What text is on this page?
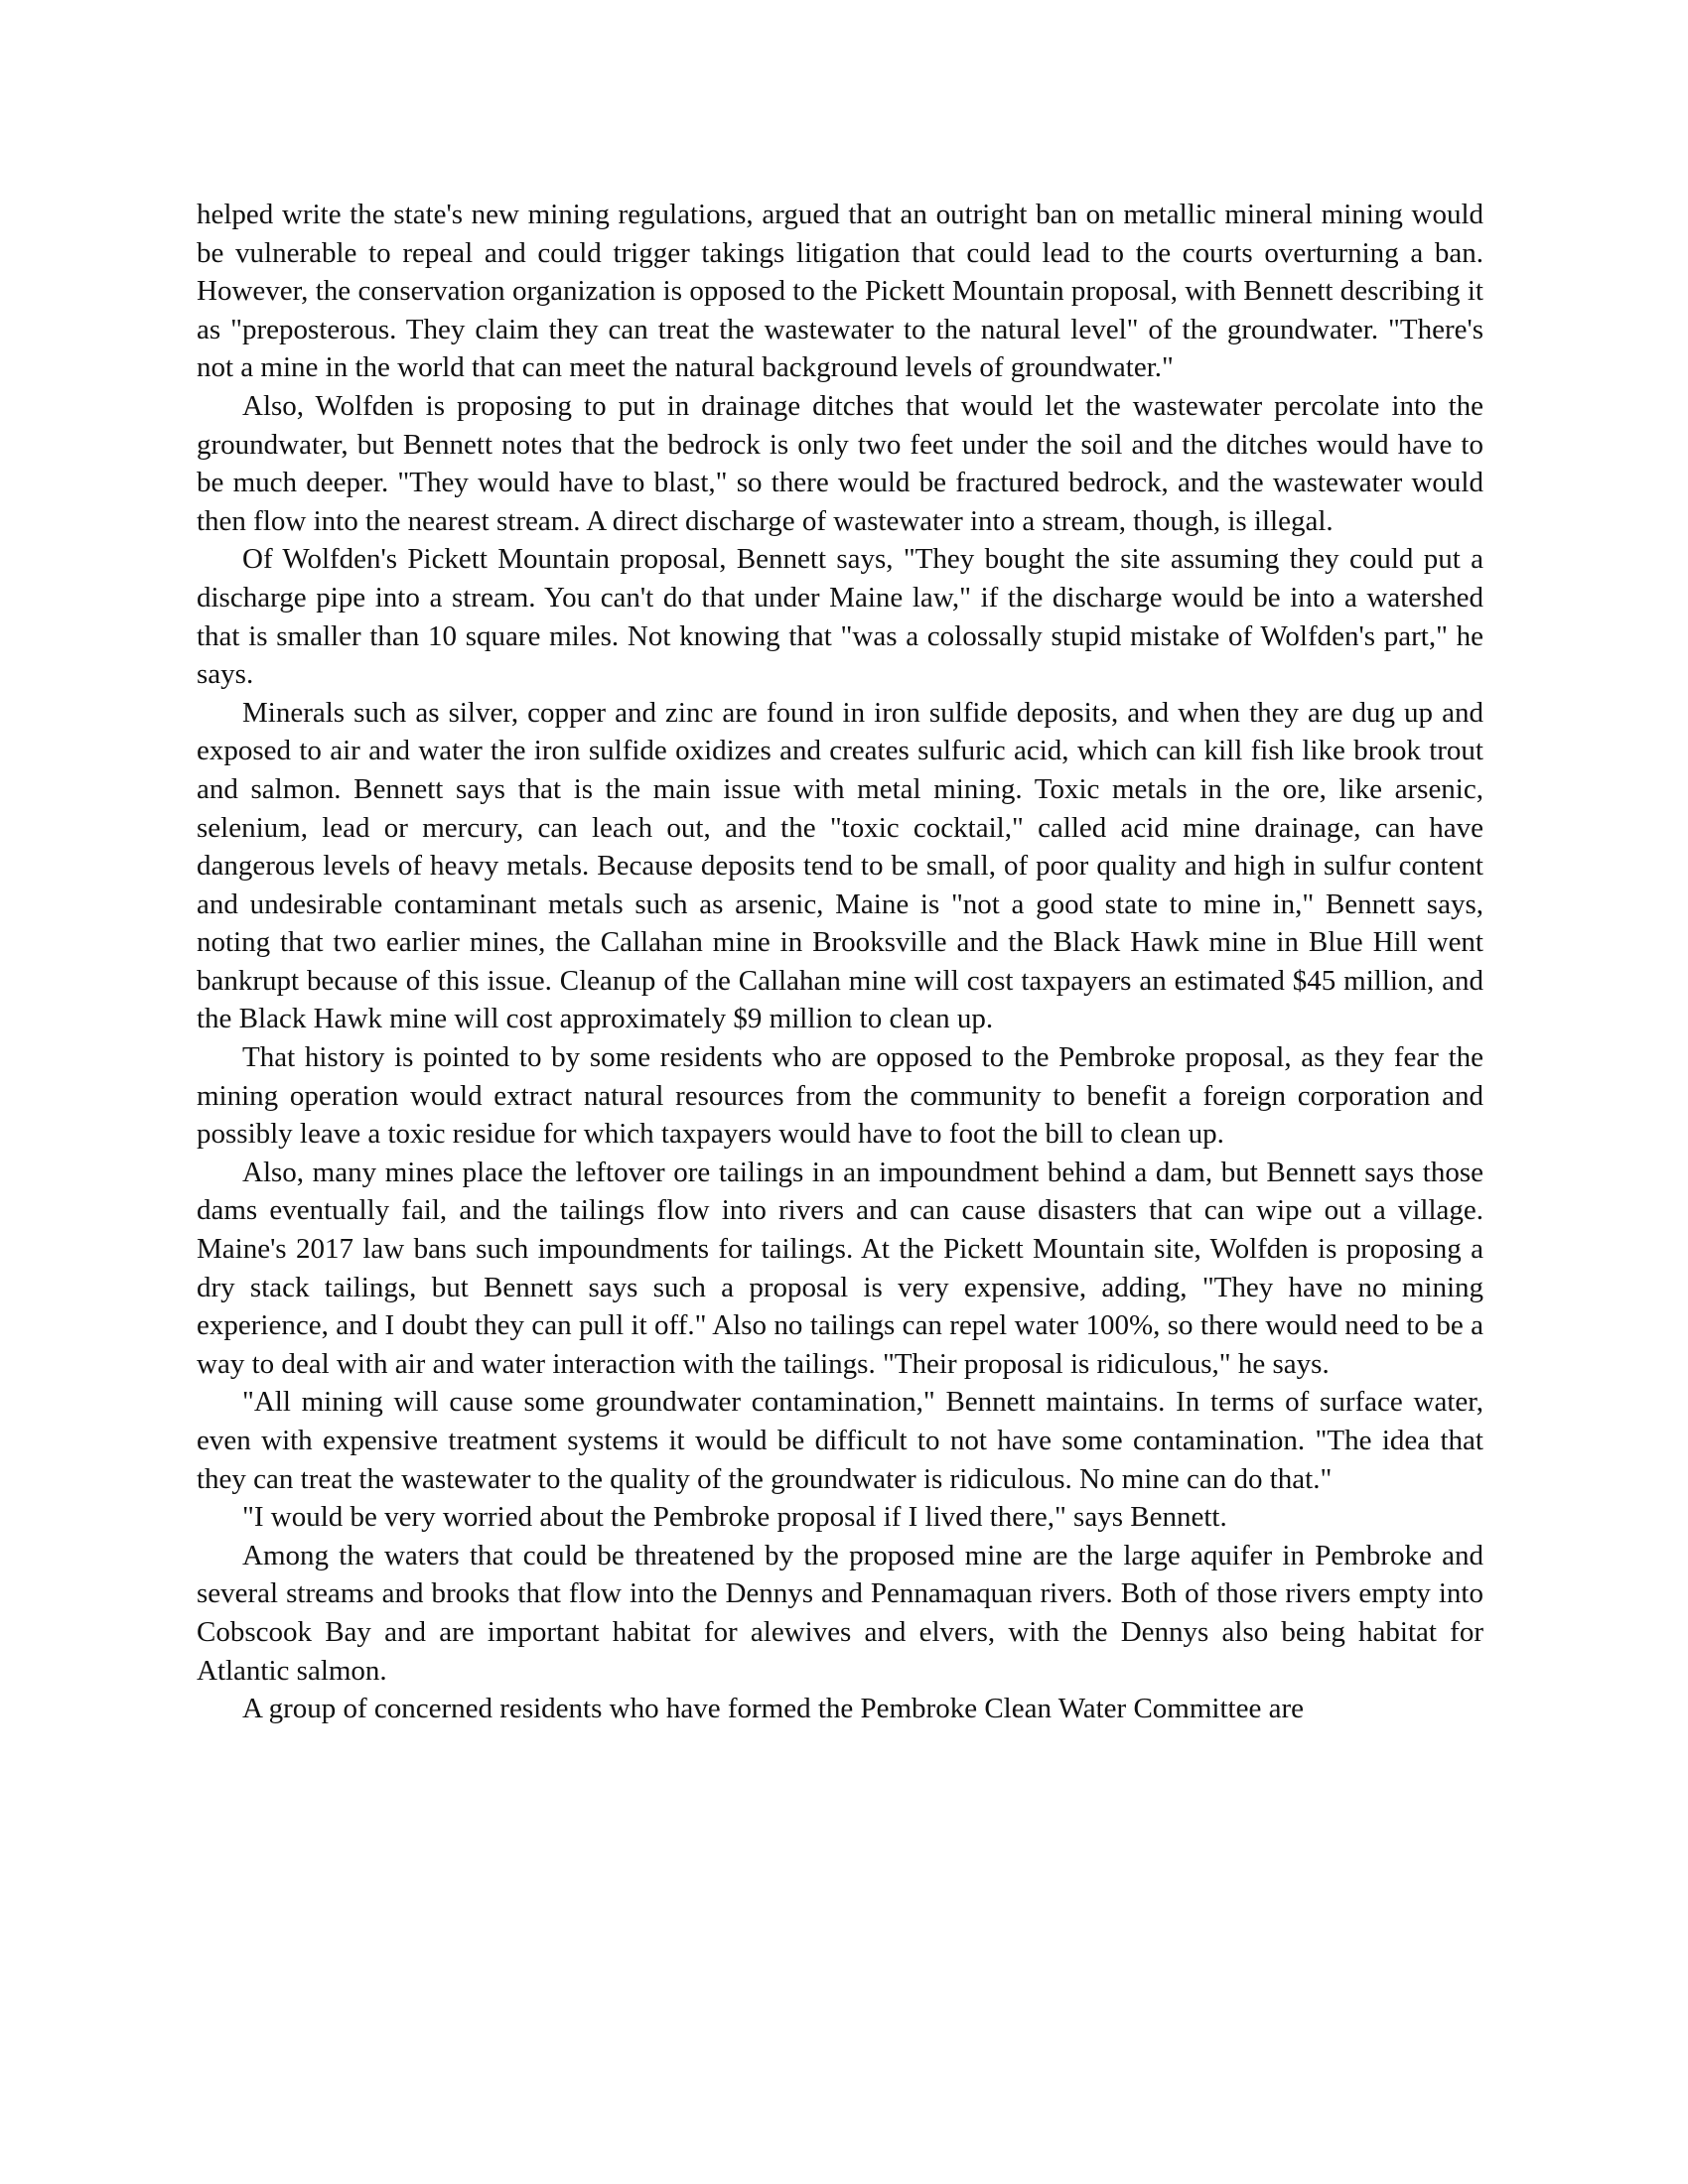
helped write the state's new mining regulations, argued that an outright ban on metallic mineral mining would be vulnerable to repeal and could trigger takings litigation that could lead to the courts overturning a ban. However, the conservation organization is opposed to the Pickett Mountain proposal, with Bennett describing it as "preposterous. They claim they can treat the wastewater to the natural level" of the groundwater. "There's not a mine in the world that can meet the natural background levels of groundwater."

Also, Wolfden is proposing to put in drainage ditches that would let the wastewater percolate into the groundwater, but Bennett notes that the bedrock is only two feet under the soil and the ditches would have to be much deeper. "They would have to blast," so there would be fractured bedrock, and the wastewater would then flow into the nearest stream. A direct discharge of wastewater into a stream, though, is illegal.

Of Wolfden's Pickett Mountain proposal, Bennett says, "They bought the site assuming they could put a discharge pipe into a stream. You can't do that under Maine law," if the discharge would be into a watershed that is smaller than 10 square miles. Not knowing that "was a colossally stupid mistake of Wolfden's part," he says.

Minerals such as silver, copper and zinc are found in iron sulfide deposits, and when they are dug up and exposed to air and water the iron sulfide oxidizes and creates sulfuric acid, which can kill fish like brook trout and salmon. Bennett says that is the main issue with metal mining. Toxic metals in the ore, like arsenic, selenium, lead or mercury, can leach out, and the "toxic cocktail," called acid mine drainage, can have dangerous levels of heavy metals. Because deposits tend to be small, of poor quality and high in sulfur content and undesirable contaminant metals such as arsenic, Maine is "not a good state to mine in," Bennett says, noting that two earlier mines, the Callahan mine in Brooksville and the Black Hawk mine in Blue Hill went bankrupt because of this issue. Cleanup of the Callahan mine will cost taxpayers an estimated $45 million, and the Black Hawk mine will cost approximately $9 million to clean up.

That history is pointed to by some residents who are opposed to the Pembroke proposal, as they fear the mining operation would extract natural resources from the community to benefit a foreign corporation and possibly leave a toxic residue for which taxpayers would have to foot the bill to clean up.

Also, many mines place the leftover ore tailings in an impoundment behind a dam, but Bennett says those dams eventually fail, and the tailings flow into rivers and can cause disasters that can wipe out a village. Maine's 2017 law bans such impoundments for tailings. At the Pickett Mountain site, Wolfden is proposing a dry stack tailings, but Bennett says such a proposal is very expensive, adding, "They have no mining experience, and I doubt they can pull it off." Also no tailings can repel water 100%, so there would need to be a way to deal with air and water interaction with the tailings. "Their proposal is ridiculous," he says.

"All mining will cause some groundwater contamination," Bennett maintains. In terms of surface water, even with expensive treatment systems it would be difficult to not have some contamination. "The idea that they can treat the wastewater to the quality of the groundwater is ridiculous. No mine can do that."

"I would be very worried about the Pembroke proposal if I lived there," says Bennett.

Among the waters that could be threatened by the proposed mine are the large aquifer in Pembroke and several streams and brooks that flow into the Dennys and Pennamaquan rivers. Both of those rivers empty into Cobscook Bay and are important habitat for alewives and elvers, with the Dennys also being habitat for Atlantic salmon.

A group of concerned residents who have formed the Pembroke Clean Water Committee are
